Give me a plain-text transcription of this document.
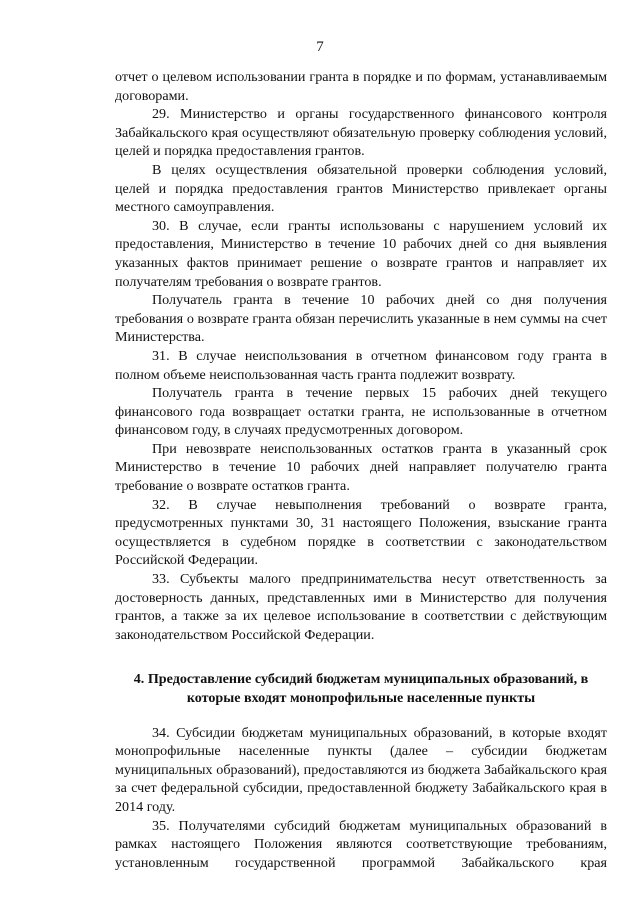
7

отчет о целевом использовании гранта в порядке и по формам, устанавливаемым договорами.

29. Министерство и органы государственного финансового контроля Забайкальского края осуществляют обязательную проверку соблюдения условий, целей и порядка предоставления грантов.

В целях осуществления обязательной проверки соблюдения условий, целей и порядка предоставления грантов Министерство привлекает органы местного самоуправления.

30. В случае, если гранты использованы с нарушением условий их предоставления, Министерство в течение 10 рабочих дней со дня выявления указанных фактов принимает решение о возврате грантов и направляет их получателям требования о возврате грантов.

Получатель гранта в течение 10 рабочих дней со дня получения требования о возврате гранта обязан перечислить указанные в нем суммы на счет Министерства.

31. В случае неиспользования в отчетном финансовом году гранта в полном объеме неиспользованная часть гранта подлежит возврату.

Получатель гранта в течение первых 15 рабочих дней текущего финансового года возвращает остатки гранта, не использованные в отчетном финансовом году, в случаях предусмотренных договором.

При невозврате неиспользованных остатков гранта в указанный срок Министерство в течение 10 рабочих дней направляет получателю гранта требование о возврате остатков гранта.

32. В случае невыполнения требований о возврате гранта, предусмотренных пунктами 30, 31 настоящего Положения, взыскание гранта осуществляется в судебном порядке в соответствии с законодательством Российской Федерации.

33. Субъекты малого предпринимательства несут ответственность за достоверность данных, представленных ими в Министерство для получения грантов, а также за их целевое использование в соответствии с действующим законодательством Российской Федерации.

4. Предоставление субсидий бюджетам муниципальных образований, в которые входят монопрофильные населенные пункты

34. Субсидии бюджетам муниципальных образований, в которые входят монопрофильные населенные пункты (далее – субсидии бюджетам муниципальных образований), предоставляются из бюджета Забайкальского края за счет федеральной субсидии, предоставленной бюджету Забайкальского края в 2014 году.

35. Получателями субсидий бюджетам муниципальных образований в рамках настоящего Положения являются соответствующие требованиям, установленным государственной программой Забайкальского края
